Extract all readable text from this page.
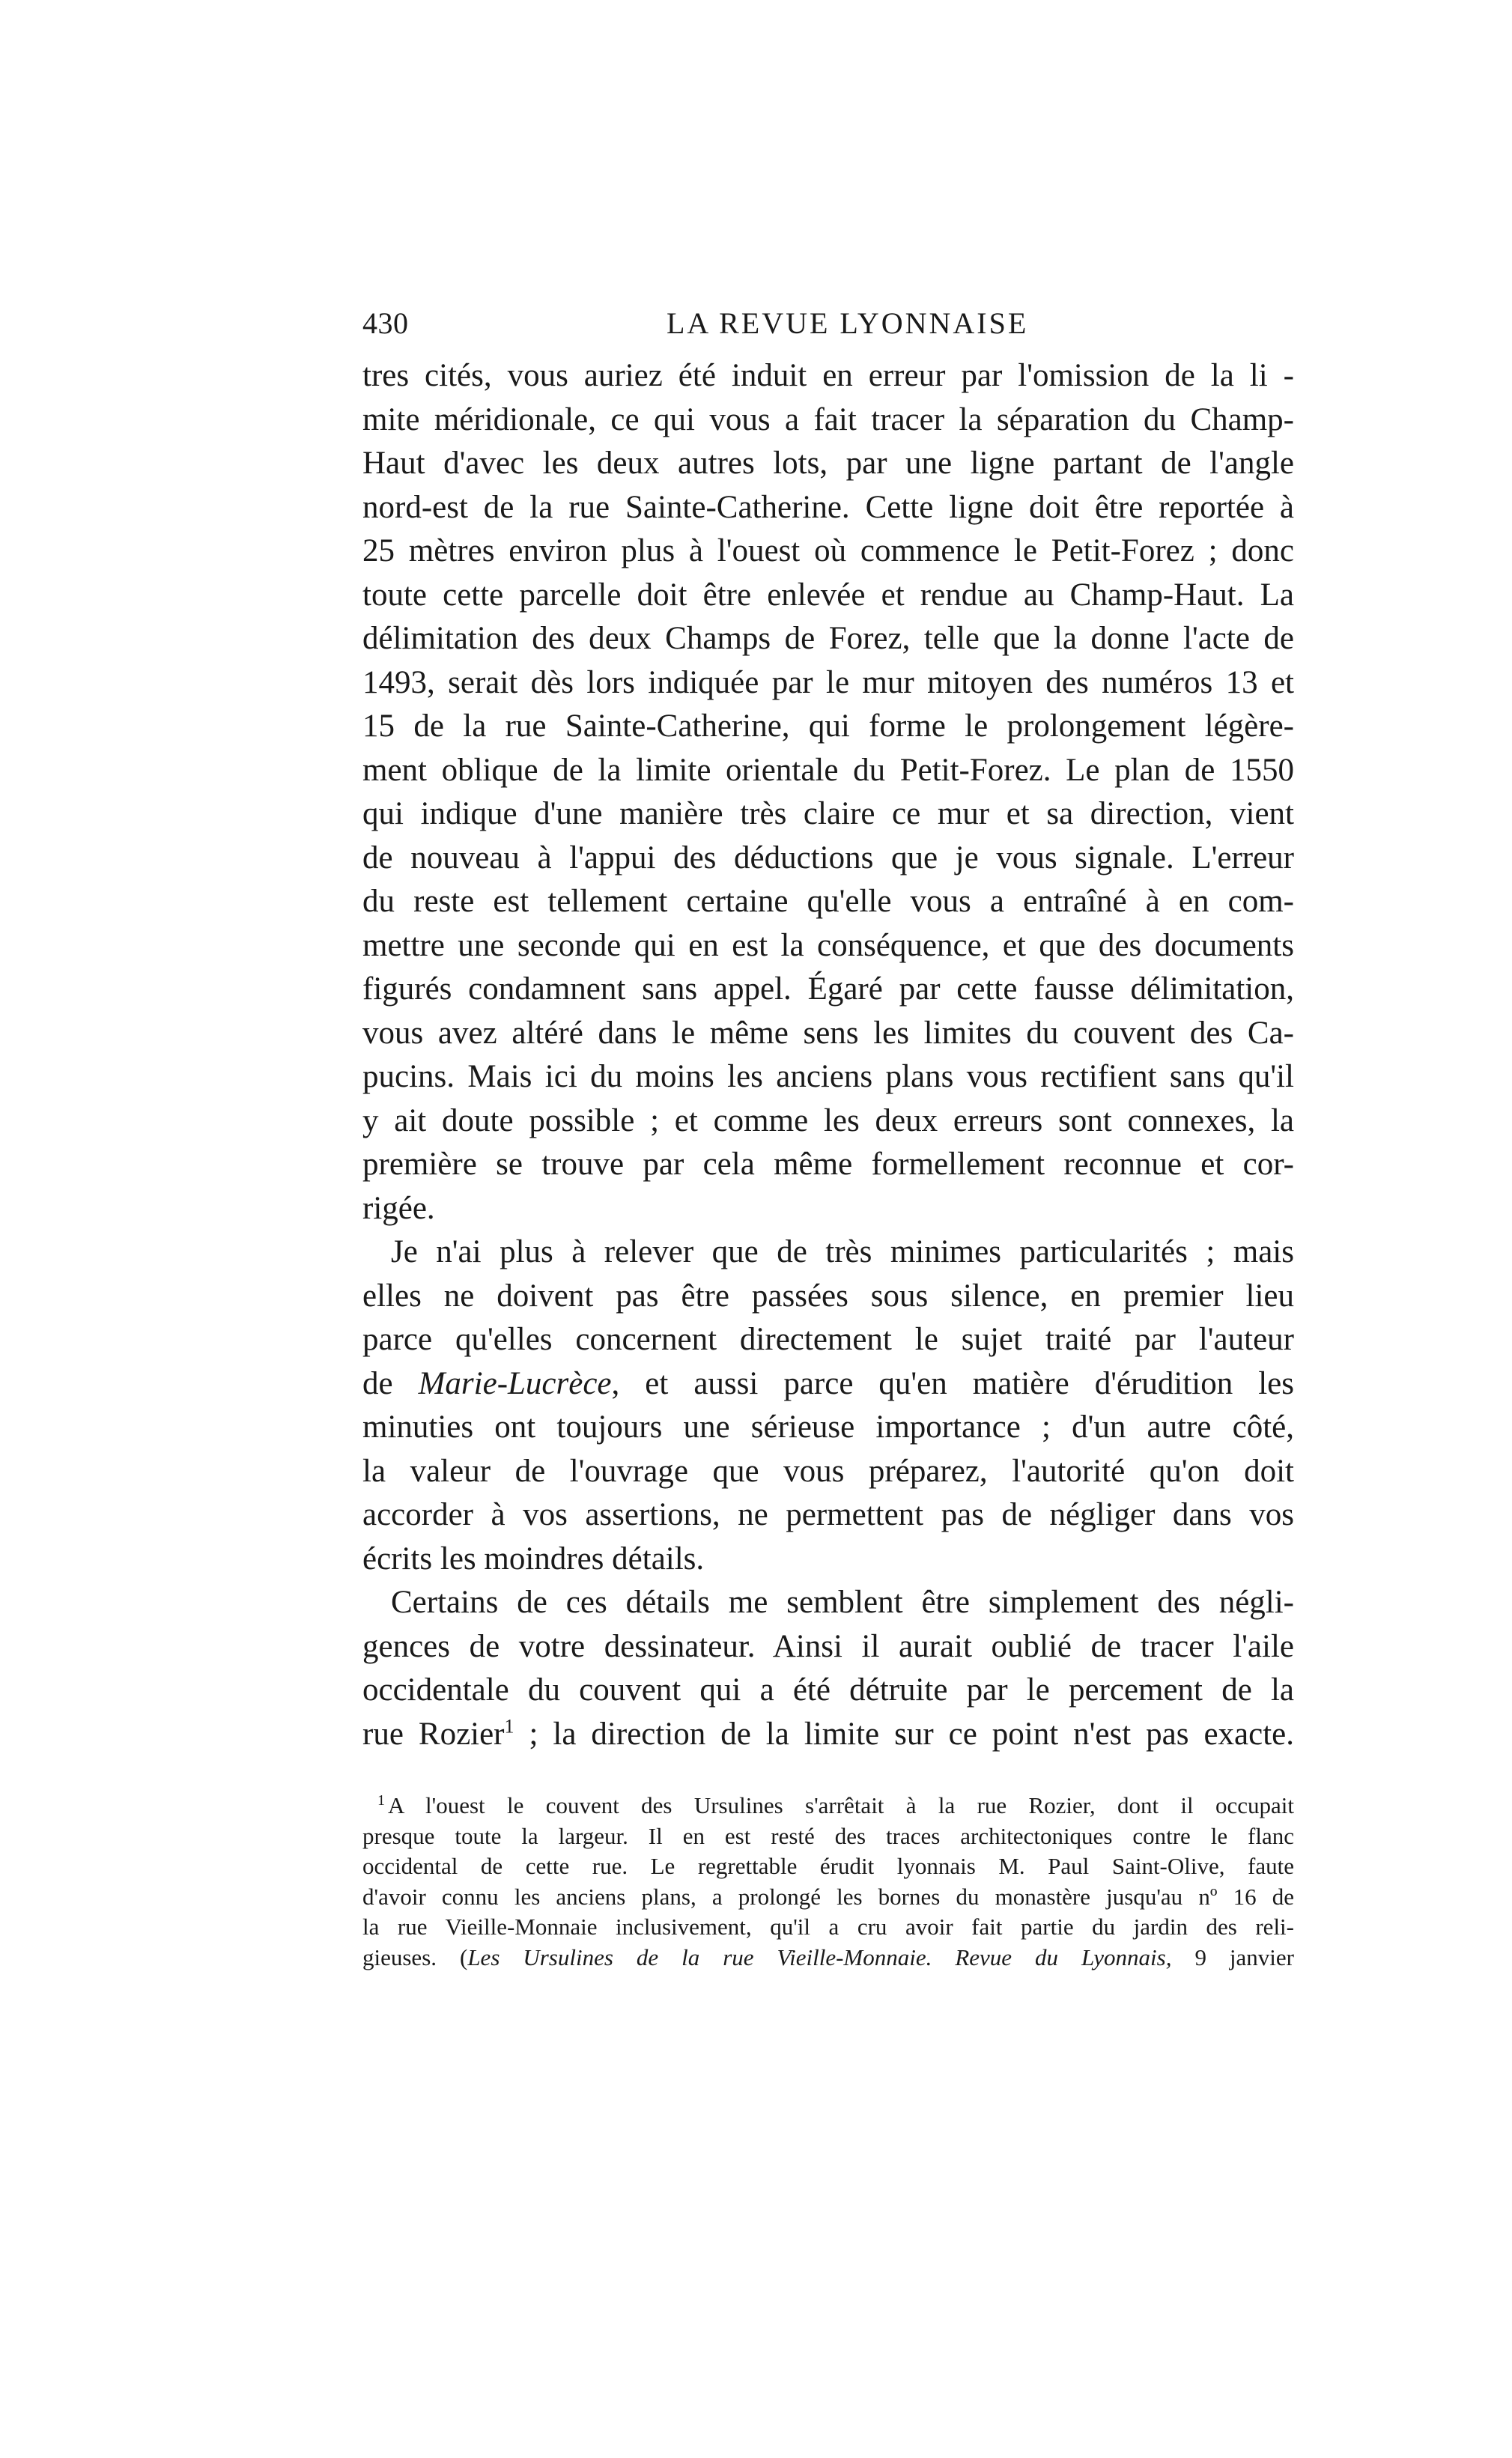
430	LA REVUE LYONNAISE
tres cités, vous auriez été induit en erreur par l'omission de la li -
mite méridionale, ce qui vous a fait tracer la séparation du Champ-
Haut d'avec les deux autres lots, par une ligne partant de l'angle
nord-est de la rue Sainte-Catherine. Cette ligne doit être reportée à
25 mètres environ plus à l'ouest où commence le Petit-Forez ; donc
toute cette parcelle doit être enlevée et rendue au Champ-Haut. La
délimitation des deux Champs de Forez, telle que la donne l'acte de
1493, serait dès lors indiquée par le mur mitoyen des numéros 13 et
15 de la rue Sainte-Catherine, qui forme le prolongement légère-
ment oblique de la limite orientale du Petit-Forez. Le plan de 1550
qui indique d'une manière très claire ce mur et sa direction, vient
de nouveau à l'appui des déductions que je vous signale. L'erreur
du reste est tellement certaine qu'elle vous a entraîné à en com-
mettre une seconde qui en est la conséquence, et que des documents
figurés condamnent sans appel. Égaré par cette fausse délimitation,
vous avez altéré dans le même sens les limites du couvent des Ca-
pucins. Mais ici du moins les anciens plans vous rectifient sans qu'il
y ait doute possible ; et comme les deux erreurs sont connexes, la
première se trouve par cela même formellement reconnue et cor-
rigée.
Je n'ai plus à relever que de très minimes particularités ; mais
elles ne doivent pas être passées sous silence, en premier lieu
parce qu'elles concernent directement le sujet traité par l'auteur
de Marie-Lucrèce, et aussi parce qu'en matière d'érudition les
minuties ont toujours une sérieuse importance ; d'un autre côté,
la valeur de l'ouvrage que vous préparez, l'autorité qu'on doit
accorder à vos assertions, ne permettent pas de négliger dans vos
écrits les moindres détails.
Certains de ces détails me semblent être simplement des négli-
gences de votre dessinateur. Ainsi il aurait oublié de tracer l'aile
occidentale du couvent qui a été détruite par le percement de la
rue Rozier$^1$ ; la direction de la limite sur ce point n'est pas exacte.
$^1$ A l'ouest le couvent des Ursulines s'arrêtait à la rue Rozier, dont il occupait
presque toute la largeur. Il en est resté des traces architectoniques contre le flanc
occidental de cette rue. Le regrettable érudit lyonnais M. Paul Saint-Olive, faute
d'avoir connu les anciens plans, a prolongé les bornes du monastère jusqu'au nº 16 de
la rue Vieille-Monnaie inclusivement, qu'il a cru avoir fait partie du jardin des reli-
gieuses. (Les Ursulines de la rue Vieille-Monnaie. Revue du Lyonnais, 9 janvier
